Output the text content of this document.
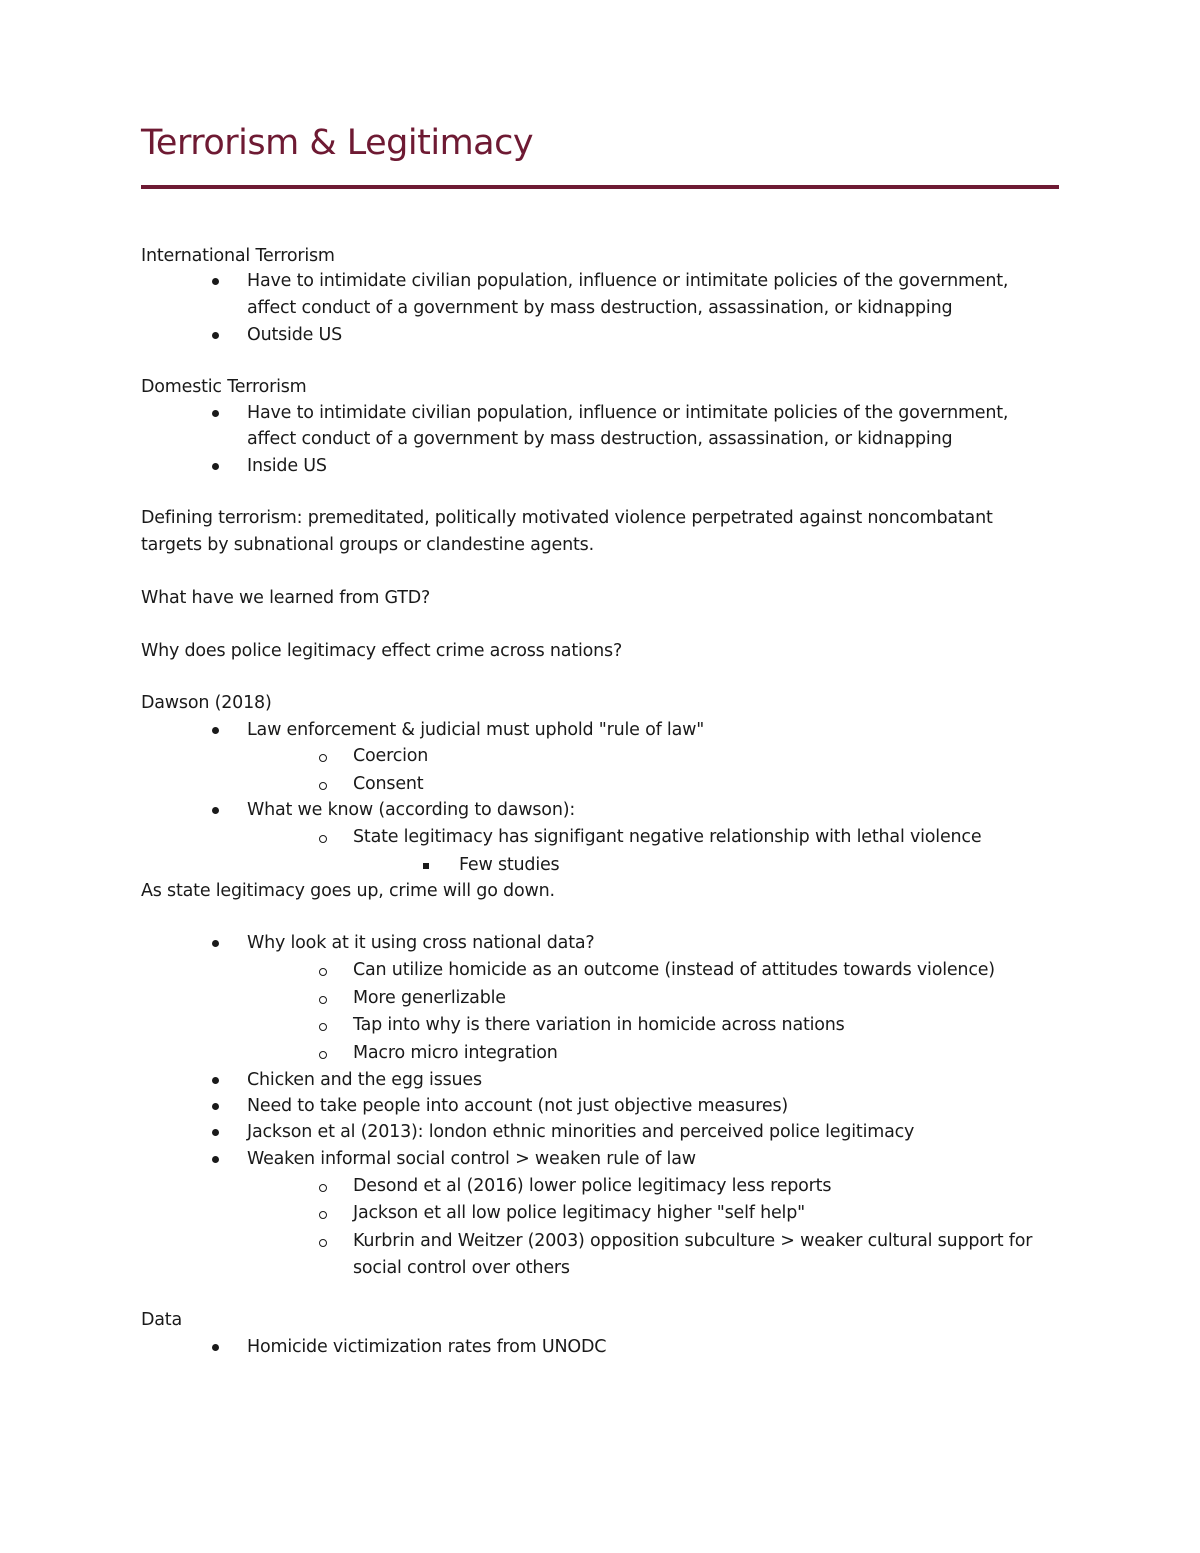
Terrorism & Legitimacy

International Terrorism

Have to intimidate civilian population, influence or intimitate policies of the government,
affect conduct of a government by mass destruction, assassination, or kidnapping
Outside US

Domestic Terrorism

Have to intimidate civilian population, influence or intimitate policies of the government,
affect conduct of a government by mass destruction, assassination, or kidnapping
Inside US

Defining terrorism: premeditated, politically motivated violence perpetrated against noncombatant

targets by subnational groups or clandestine agents.

What have we learned from GTD?

Why does police legitimacy effect crime across nations?

Dawson (2018)

Law enforcement & judicial must uphold "rule of law"
Coercion
Consent
What we know (according to dawson):
State legitimacy has signifigant negative relationship with lethal violence
Few studies

As state legitimacy goes up, crime will go down.

Why look at it using cross national data?
Can utilize homicide as an outcome (instead of attitudes towards violence)
More generlizable
Tap into why is there variation in homicide across nations
Macro micro integration
Chicken and the egg issues
Need to take people into account (not just objective measures)
Jackson et al (2013): london ethnic minorities and perceived police legitimacy
Weaken informal social control > weaken rule of law
Desond et al (2016) lower police legitimacy less reports
Jackson et all low police legitimacy higher "self help"
Kurbrin and Weitzer (2003) opposition subculture > weaker cultural support for
social control over others

Data

Homicide victimization rates from UNODC
